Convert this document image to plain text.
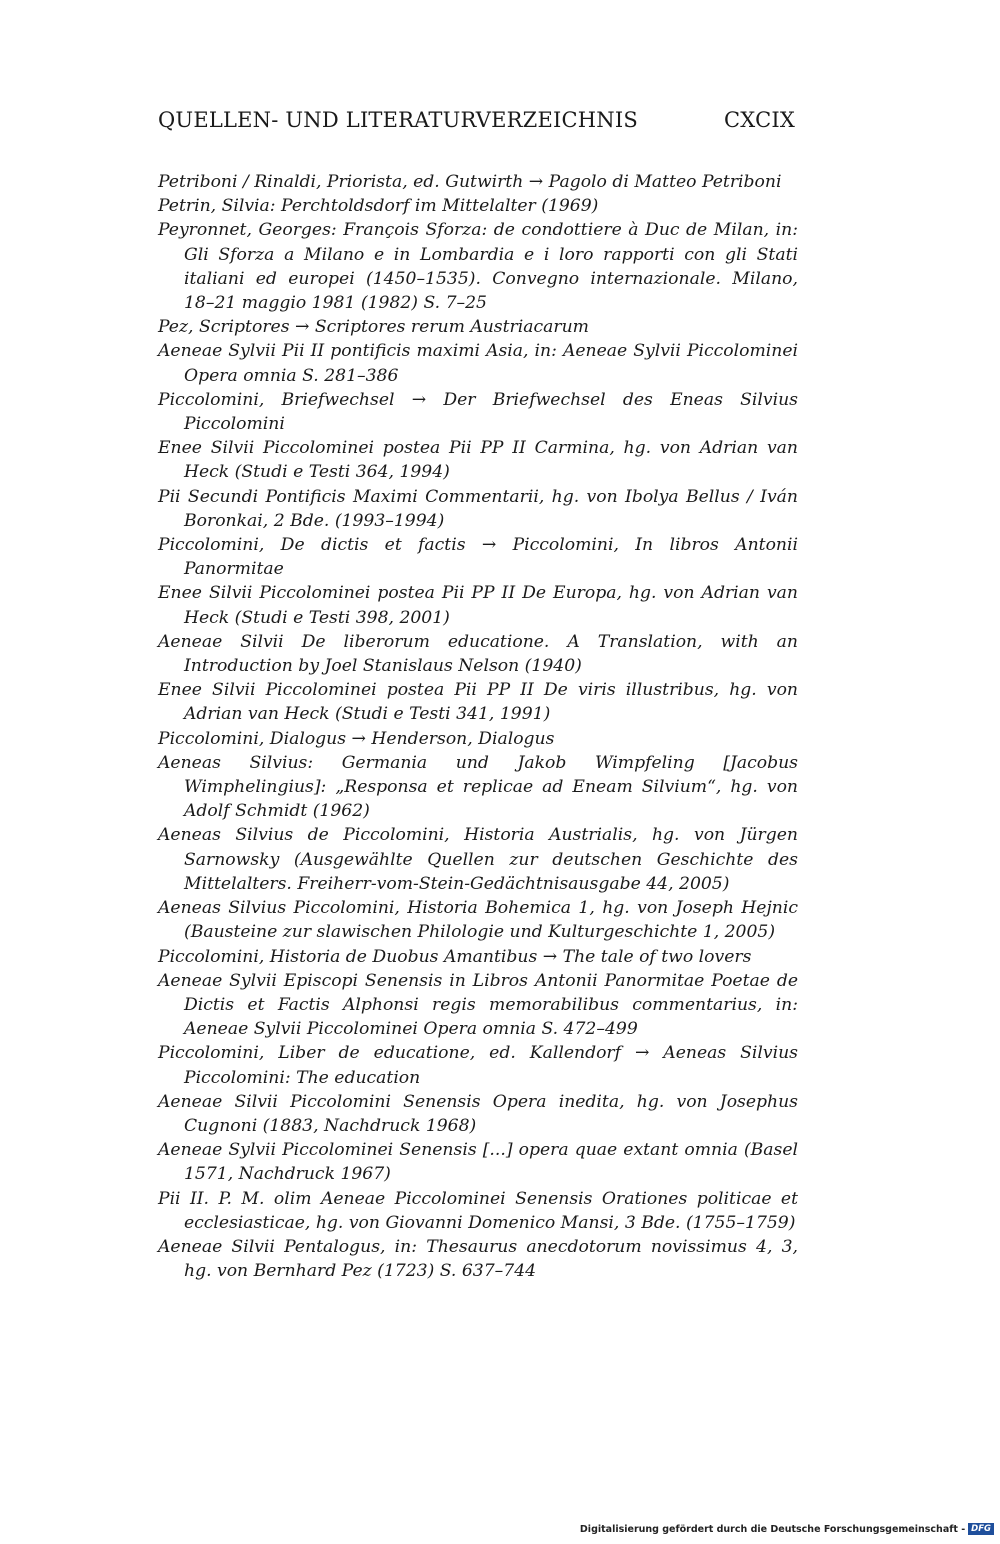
QUELLEN- UND LITERATURVERZEICHNIS	CXCIX

Petriboni / Rinaldi, Priorista, ed. Gutwirth → Pagolo di Matteo Petriboni

Petrin, Silvia: Perchtoldsdorf im Mittelalter (1969)

Peyronnet, Georges: François Sforza: de condottiere à Duc de Milan, in: Gli Sforza a Milano e in Lombardia e i loro rapporti con gli Stati italiani ed europei (1450–1535). Convegno internazionale. Milano, 18–21 maggio 1981 (1982) S. 7–25

Pez, Scriptores → Scriptores rerum Austriacarum

Aeneae Sylvii Pii II pontificis maximi Asia, in: Aeneae Sylvii Piccolominei Opera omnia S. 281–386

Piccolomini, Briefwechsel → Der Briefwechsel des Eneas Silvius Piccolomini

Enee Silvii Piccolominei postea Pii PP II Carmina, hg. von Adrian van Heck (Studi e Testi 364, 1994)

Pii Secundi Pontificis Maximi Commentarii, hg. von Ibolya Bellus / Iván Boronkai, 2 Bde. (1993–1994)

Piccolomini, De dictis et factis → Piccolomini, In libros Antonii Panormitae

Enee Silvii Piccolominei postea Pii PP II De Europa, hg. von Adrian van Heck (Studi e Testi 398, 2001)

Aeneae Silvii De liberorum educatione. A Translation, with an Introduction by Joel Stanislaus Nelson (1940)

Enee Silvii Piccolominei postea Pii PP II De viris illustribus, hg. von Adrian van Heck (Studi e Testi 341, 1991)

Piccolomini, Dialogus → Henderson, Dialogus

Aeneas Silvius: Germania und Jakob Wimpfeling [Jacobus Wimphelingius]: „Responsa et replicae ad Eneam Silvium“, hg. von Adolf Schmidt (1962)

Aeneas Silvius de Piccolomini, Historia Austrialis, hg. von Jürgen Sarnowsky (Ausgewählte Quellen zur deutschen Geschichte des Mittelalters. Freiherr-vom-Stein-Gedächtnisausgabe 44, 2005)

Aeneas Silvius Piccolomini, Historia Bohemica 1, hg. von Joseph Hejnic (Bausteine zur slawischen Philologie und Kulturgeschichte 1, 2005)

Piccolomini, Historia de Duobus Amantibus → The tale of two lovers

Aeneae Sylvii Episcopi Senensis in Libros Antonii Panormitae Poetae de Dictis et Factis Alphonsi regis memorabilibus commentarius, in: Aeneae Sylvii Piccolominei Opera omnia S. 472–499

Piccolomini, Liber de educatione, ed. Kallendorf → Aeneas Silvius Piccolomini: The education

Aeneae Silvii Piccolomini Senensis Opera inedita, hg. von Josephus Cugnoni (1883, Nachdruck 1968)

Aeneae Sylvii Piccolominei Senensis [...] opera quae extant omnia (Basel 1571, Nachdruck 1967)

Pii II. P. M. olim Aeneae Piccolominei Senensis Orationes politicae et ecclesiasticae, hg. von Giovanni Domenico Mansi, 3 Bde. (1755–1759)

Aeneae Silvii Pentalogus, in: Thesaurus anecdotorum novissimus 4, 3, hg. von Bernhard Pez (1723) S. 637–744

Digitalisierung gefördert durch die Deutsche Forschungsgemeinschaft - DFG
